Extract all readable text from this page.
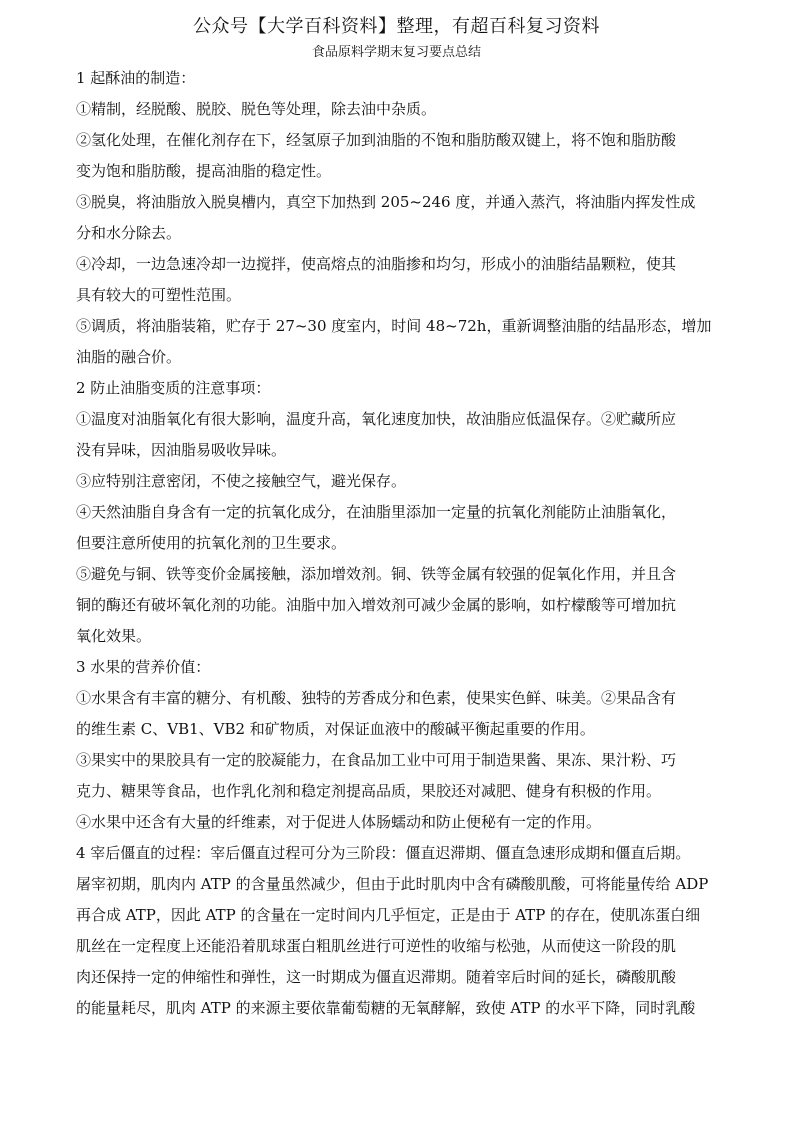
公众号【大学百科资料】整理，有超百科复习资料
食品原料学期末复习要点总结
1 起酥油的制造：
①精制，经脱酸、脱胶、脱色等处理，除去油中杂质。
②氢化处理，在催化剂存在下，经氢原子加到油脂的不饱和脂肪酸双键上，将不饱和脂肪酸
变为饱和脂肪酸，提高油脂的稳定性。
③脱臭，将油脂放入脱臭槽内，真空下加热到 205~246 度，并通入蒸汽，将油脂内挥发性成
分和水分除去。
④冷却，一边急速冷却一边搅拌，使高熔点的油脂掺和均匀，形成小的油脂结晶颗粒，使其
具有较大的可塑性范围。
⑤调质，将油脂装箱，贮存于 27~30 度室内，时间 48~72h，重新调整油脂的结晶形态，增加
油脂的融合价。
2 防止油脂变质的注意事项：
①温度对油脂氧化有很大影响，温度升高，氧化速度加快，故油脂应低温保存。②贮藏所应
没有异味，因油脂易吸收异味。
③应特别注意密闭，不使之接触空气，避光保存。
④天然油脂自身含有一定的抗氧化成分，在油脂里添加一定量的抗氧化剂能防止油脂氧化，
但要注意所使用的抗氧化剂的卫生要求。
⑤避免与铜、铁等变价金属接触，添加增效剂。铜、铁等金属有较强的促氧化作用，并且含
铜的酶还有破坏氧化剂的功能。油脂中加入增效剂可减少金属的影响，如柠檬酸等可增加抗
氧化效果。
3 水果的营养价值：
①水果含有丰富的糖分、有机酸、独特的芳香成分和色素，使果实色鲜、味美。②果品含有
的维生素 C、VB1、VB2 和矿物质，对保证血液中的酸碱平衡起重要的作用。
③果实中的果胶具有一定的胶凝能力，在食品加工业中可用于制造果酱、果冻、果汁粉、巧
克力、糖果等食品，也作乳化剂和稳定剂提高品质，果胶还对减肥、健身有积极的作用。
④水果中还含有大量的纤维素，对于促进人体肠蠕动和防止便秘有一定的作用。
4 宰后僵直的过程：宰后僵直过程可分为三阶段：僵直迟滞期、僵直急速形成期和僵直后期。
屠宰初期，肌肉内 ATP 的含量虽然减少，但由于此时肌肉中含有磷酸肌酸，可将能量传给 ADP
再合成 ATP，因此 ATP 的含量在一定时间内几乎恒定，正是由于 ATP 的存在，使肌冻蛋白细
肌丝在一定程度上还能沿着肌球蛋白粗肌丝进行可逆性的收缩与松弛，从而使这一阶段的肌
肉还保持一定的伸缩性和弹性，这一时期成为僵直迟滞期。随着宰后时间的延长，磷酸肌酸
的能量耗尽，肌肉 ATP 的来源主要依靠葡萄糖的无氧酵解，致使 ATP 的水平下降，同时乳酸
